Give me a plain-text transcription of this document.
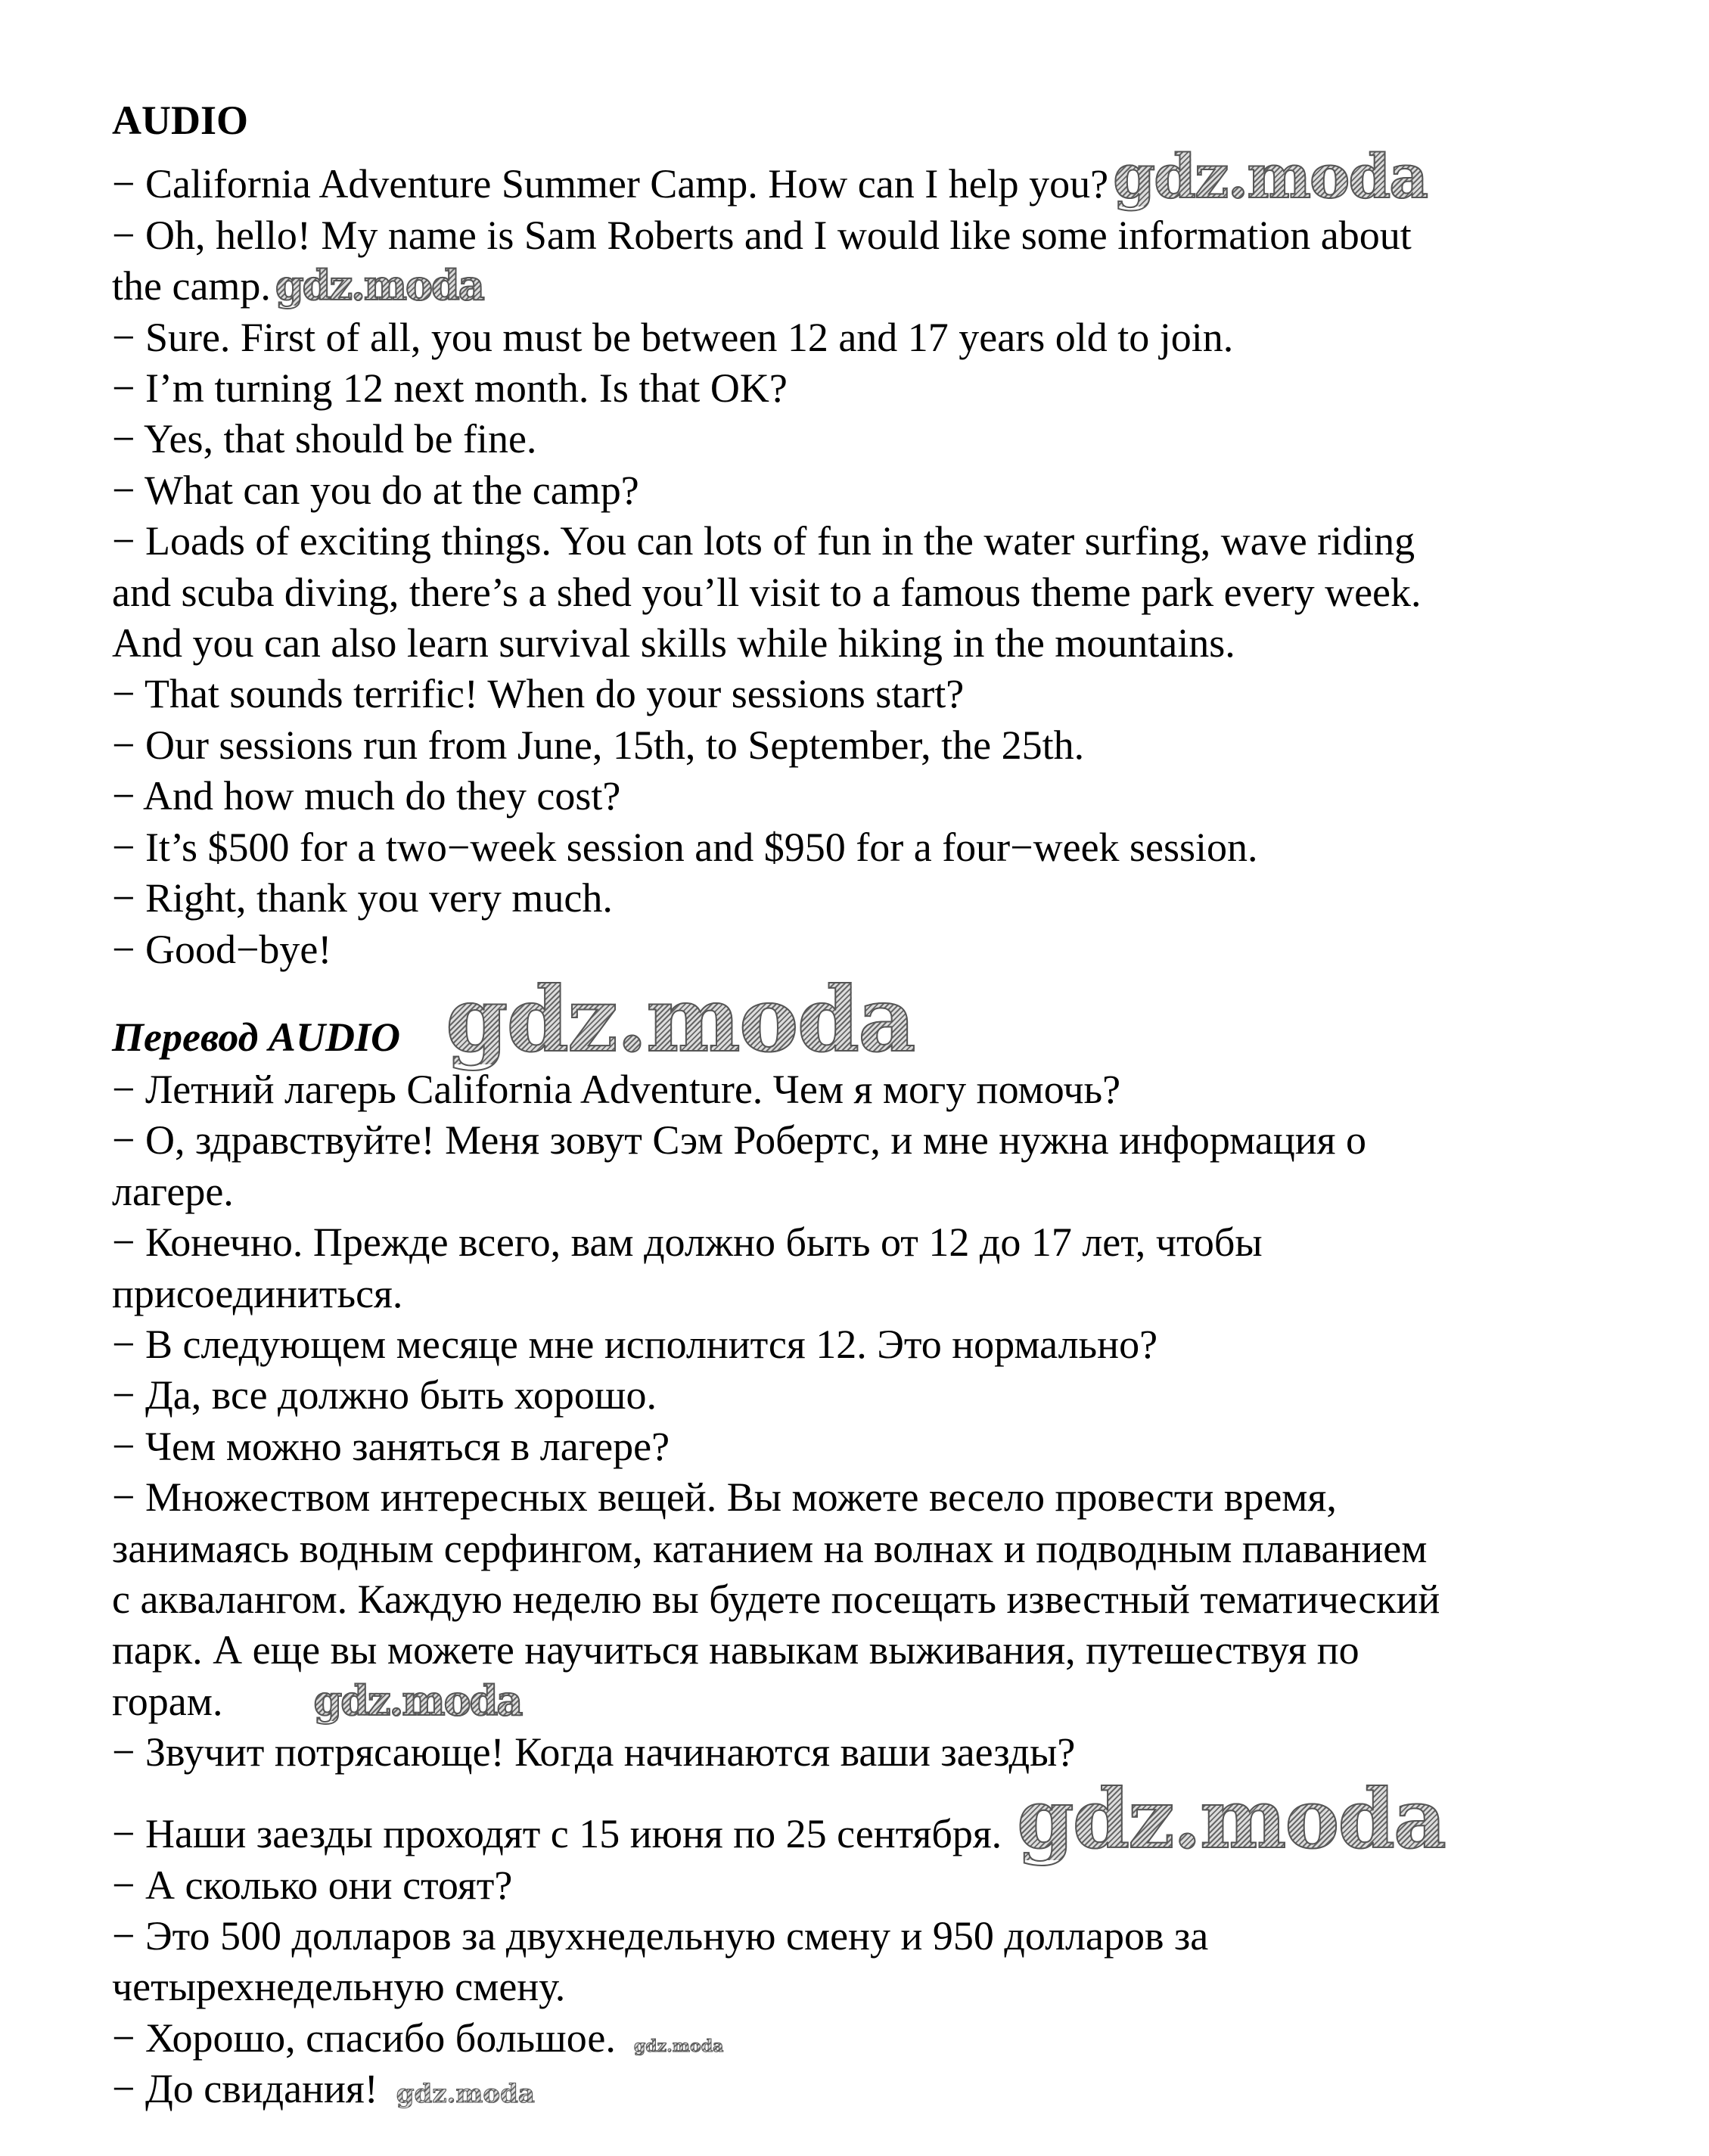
AUDIO
− California Adventure Summer Camp. How can I help you?gdz.moda
− Oh, hello! My name is Sam Roberts and I would like some information about
the camp. gdz.moda
− Sure. First of all, you must be between 12 and 17 years old to join.
− I’m turning 12 next month. Is that OK?
− Yes, that should be fine.
− What can you do at the camp?
− Loads of exciting things. You can lots of fun in the water surfing, wave riding
and scuba diving, there’s a shed you’ll visit to a famous theme park every week.
And you can also learn survival skills while hiking in the mountains.
− That sounds terrific! When do your sessions start?
− Our sessions run from June, 15th, to September, the 25th.
− And how much do they cost?
− It’s $500 for a two−week session and $950 for a four−week session.
− Right, thank you very much.
− Good−bye!
Перевод AUDIO gdz.moda
− Летний лагерь California Adventure. Чем я могу помочь?
− О, здравствуйте! Меня зовут Сэм Робертс, и мне нужна информация о
лагере.
− Конечно. Прежде всего, вам должно быть от 12 до 17 лет, чтобы
присоединиться.
− В следующем месяце мне исполнится 12. Это нормально?
− Да, все должно быть хорошо.
− Чем можно заняться в лагере?
− Множеством интересных вещей. Вы можете весело провести время,
занимаясь водным серфингом, катанием на волнах и подводным плаванием
с аквалангом. Каждую неделю вы будете посещать известный тематический
парк. А еще вы можете научиться навыкам выживания, путешествуя по
горам. gdz.moda
− Звучит потрясающе! Когда начинаются ваши заезды?
− Наши заезды проходят с 15 июня по 25 сентября. gdz.moda
− А сколько они стоят?
− Это 500 долларов за двухнедельную смену и 950 долларов за
четырехнедельную смену.
− Хорошо, спасибо большое. gdz.moda
− До свидания! gdz.moda
